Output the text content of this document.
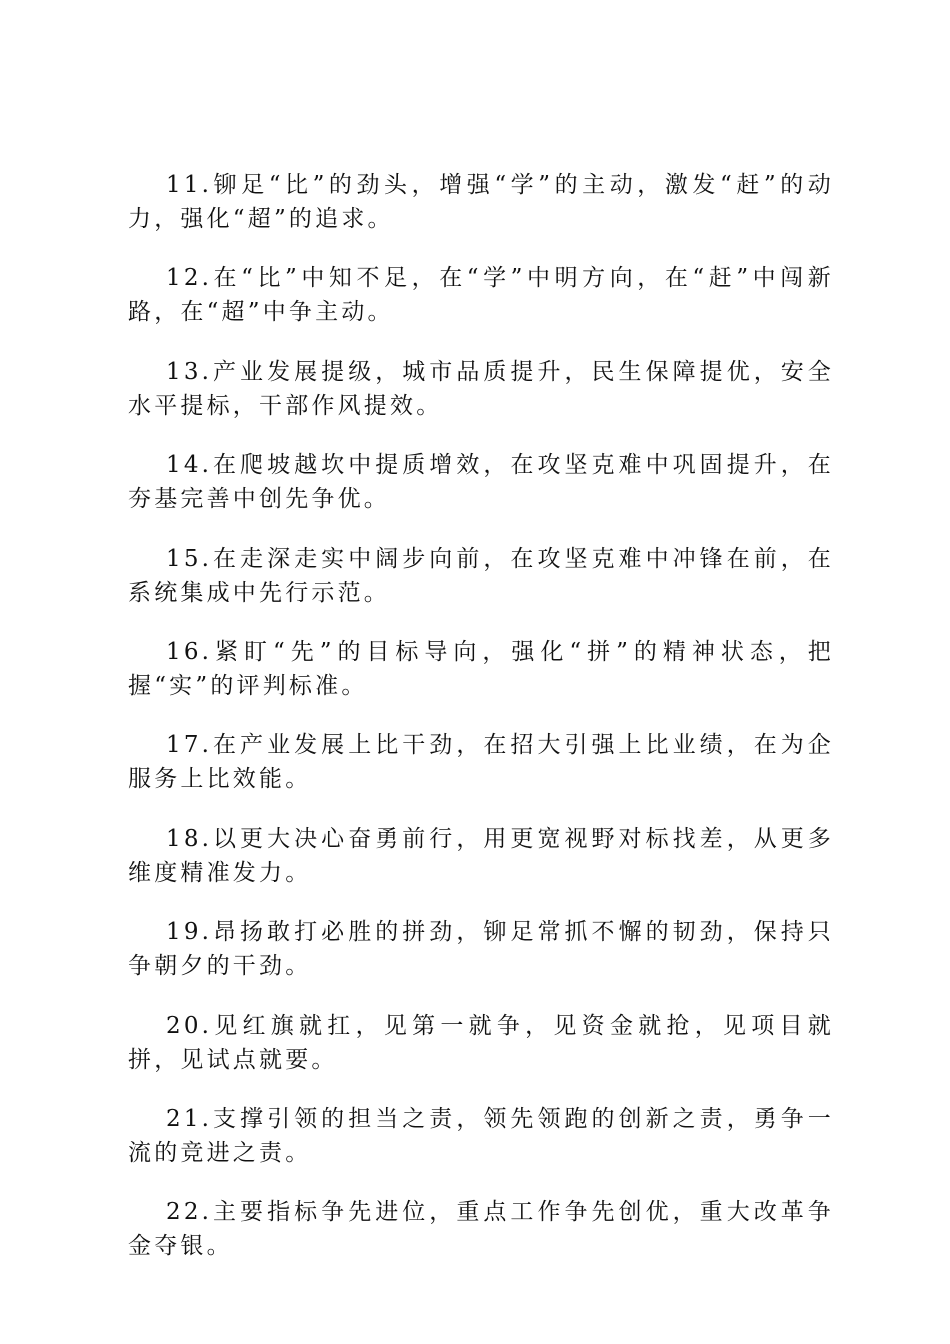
11.铆足“比”的劲头，增强“学”的主动，激发“赶”的动力，强化“超”的追求。

12.在“比”中知不足，在“学”中明方向，在“赶”中闯新路，在“超”中争主动。

13.产业发展提级，城市品质提升，民生保障提优，安全水平提标，干部作风提效。

14.在爬坡越坎中提质增效，在攻坚克难中巩固提升，在夯基完善中创先争优。

15.在走深走实中阔步向前，在攻坚克难中冲锋在前，在系统集成中先行示范。

16.紧盯“先”的目标导向，强化“拼”的精神状态，把握“实”的评判标准。

17.在产业发展上比干劲，在招大引强上比业绩，在为企服务上比效能。

18.以更大决心奋勇前行，用更宽视野对标找差，从更多维度精准发力。

19.昂扬敢打必胜的拼劲，铆足常抓不懈的韧劲，保持只争朝夕的干劲。

20.见红旗就扛，见第一就争，见资金就抢，见项目就拼，见试点就要。

21.支撑引领的担当之责，领先领跑的创新之责，勇争一流的竞进之责。

22.主要指标争先进位，重点工作争先创优，重大改革争金夺银。
